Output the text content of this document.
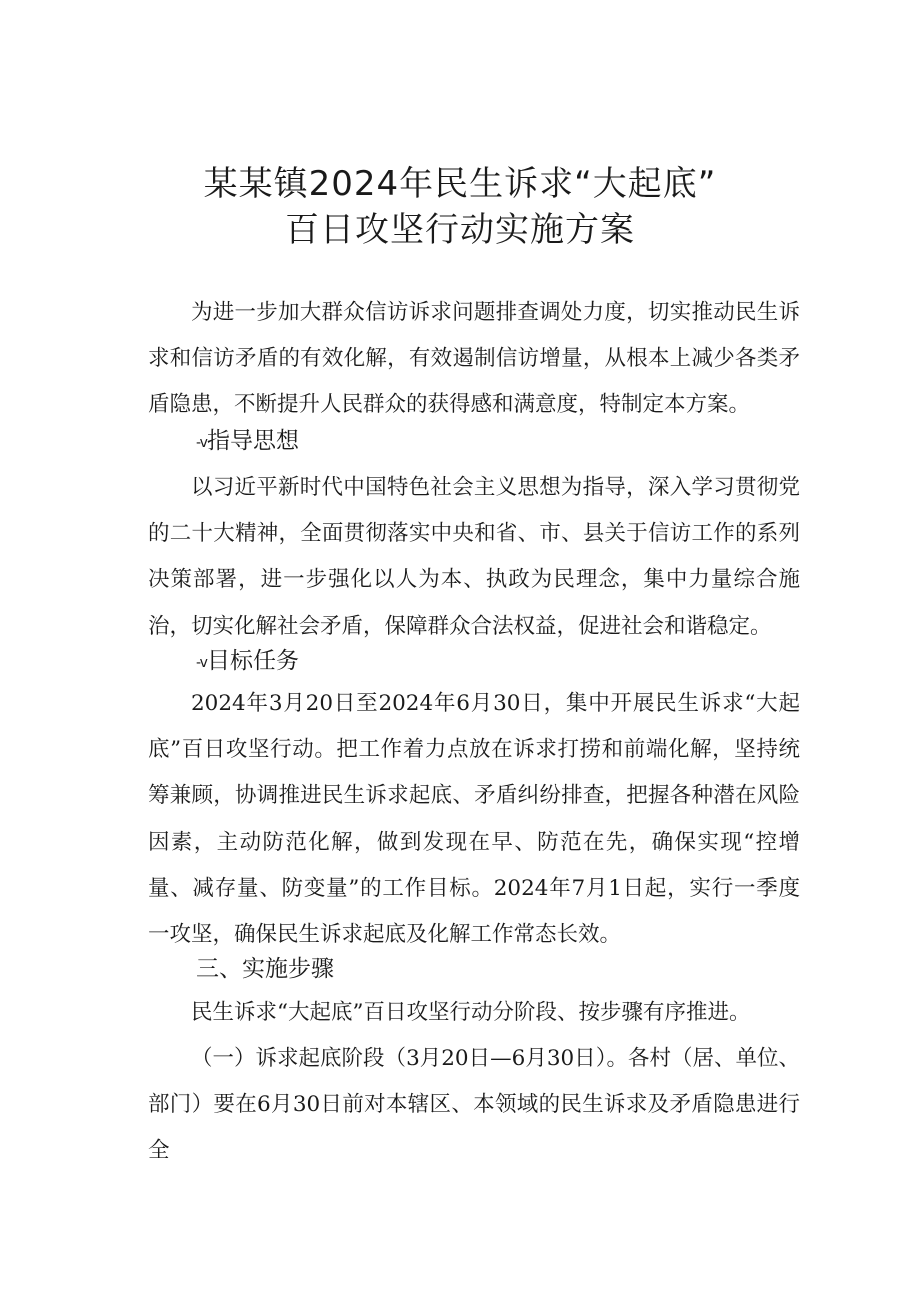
某某镇2024年民生诉求“大起底”
百日攻坚行动实施方案

为进一步加大群众信访诉求问题排查调处力度，切实推动民生诉求和信访矛盾的有效化解，有效遏制信访增量，从根本上减少各类矛盾隐患，不断提升人民群众的获得感和满意度，特制定本方案。

-v指导思想

以习近平新时代中国特色社会主义思想为指导，深入学习贯彻党的二十大精神，全面贯彻落实中央和省、市、县关于信访工作的系列决策部署，进一步强化以人为本、执政为民理念，集中力量综合施治，切实化解社会矛盾，保障群众合法权益，促进社会和谐稳定。

-v目标任务

2024年3月20日至2024年6月30日，集中开展民生诉求“大起底”百日攻坚行动。把工作着力点放在诉求打捞和前端化解，坚持统筹兼顾，协调推进民生诉求起底、矛盾纠纷排查，把握各种潜在风险因素，主动防范化解，做到发现在早、防范在先，确保实现“控增量、减存量、防变量”的工作目标。2024年7月1日起，实行一季度一攻坚，确保民生诉求起底及化解工作常态长效。

三、实施步骤

民生诉求“大起底”百日攻坚行动分阶段、按步骤有序推进。

（一）诉求起底阶段（3月20日—6月30日）。各村（居、单位、部门）要在6月30日前对本辖区、本领域的民生诉求及矛盾隐患进行全
